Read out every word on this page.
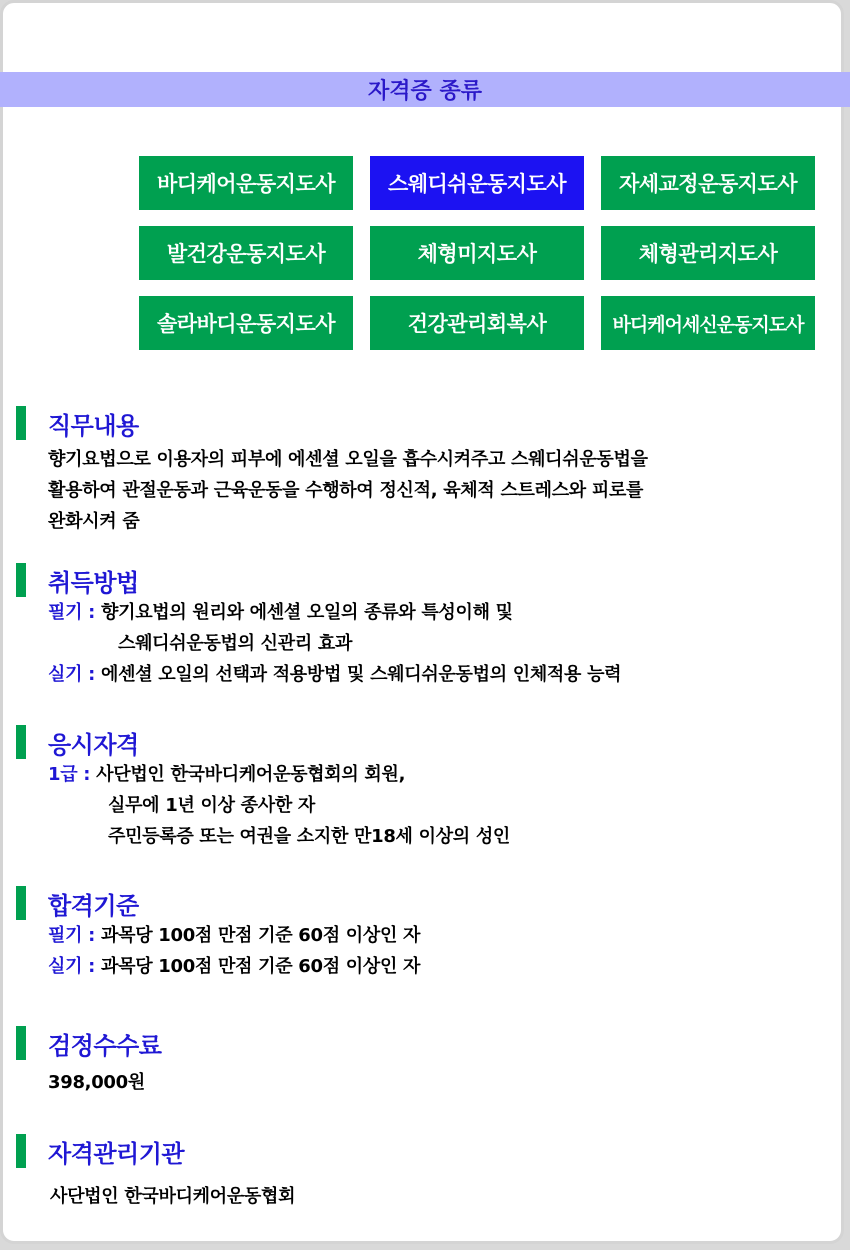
자격증 종류
바디케어운동지도사	스웨디쉬운동지도사	자세교정운동지도사
발건강운동지도사	체형미지도사	체형관리지도사
솔라바디운동지도사	건강관리회복사	바디케어세신운동지도사
직무내용
향기요법으로 이용자의 피부에 에센셜 오일을 흡수시켜주고 스웨디쉬운동법을
활용하여 관절운동과 근육운동을 수행하여 정신적, 육체적 스트레스와 피로를
완화시켜 줌
취득방법
필기 : 향기요법의 원리와 에센셜 오일의 종류와 특성이해 및
스웨디쉬운동법의 신관리 효과
실기 : 에센셜 오일의 선택과 적용방법 및 스웨디쉬운동법의 인체적용 능력
응시자격
1급 : 사단법인 한국바디케어운동협회의 회원,
실무에 1년 이상 종사한 자
주민등록증 또는 여권을 소지한 만18세 이상의 성인
합격기준
필기 : 과목당 100점 만점 기준 60점 이상인 자
실기 : 과목당 100점 만점 기준 60점 이상인 자
검정수수료
398,000원
자격관리기관
사단법인 한국바디케어운동협회
